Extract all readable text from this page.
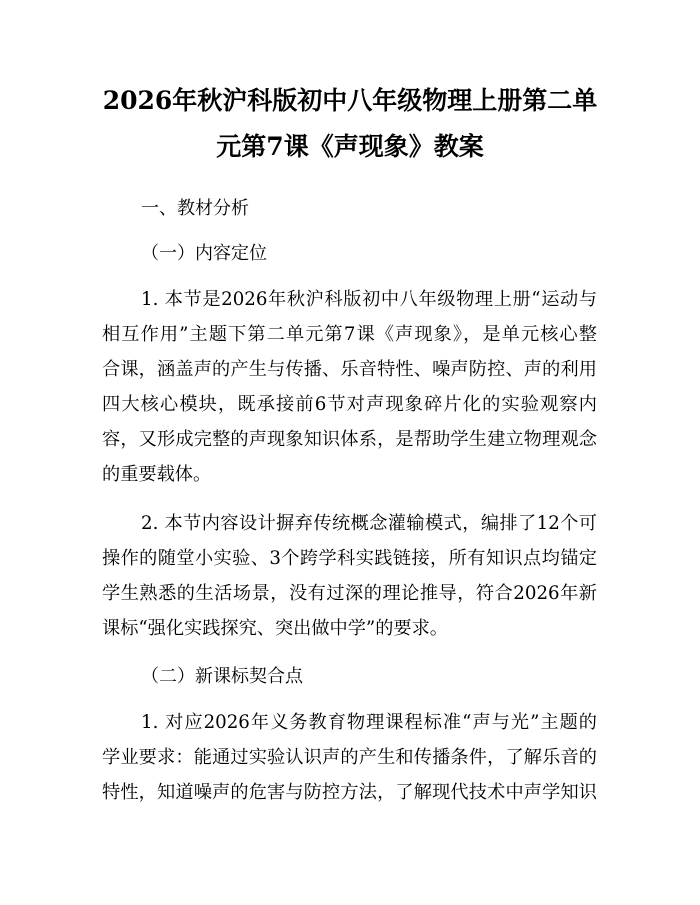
2026年秋沪科版初中八年级物理上册第二单
元第7课《声现象》教案
一、教材分析
（一）内容定位
1. 本节是2026年秋沪科版初中八年级物理上册“运动与
相互作用”主题下第二单元第7课《声现象》，是单元核心整
合课，涵盖声的产生与传播、乐音特性、噪声防控、声的利用
四大核心模块，既承接前6节对声现象碎片化的实验观察内
容，又形成完整的声现象知识体系，是帮助学生建立物理观念
的重要载体。
2. 本节内容设计摒弃传统概念灌输模式，编排了12个可
操作的随堂小实验、3个跨学科实践链接，所有知识点均锚定
学生熟悉的生活场景，没有过深的理论推导，符合2026年新
课标“强化实践探究、突出做中学”的要求。
（二）新课标契合点
1. 对应2026年义务教育物理课程标准“声与光”主题的
学业要求：能通过实验认识声的产生和传播条件，了解乐音的
特性，知道噪声的危害与防控方法，了解现代技术中声学知识
